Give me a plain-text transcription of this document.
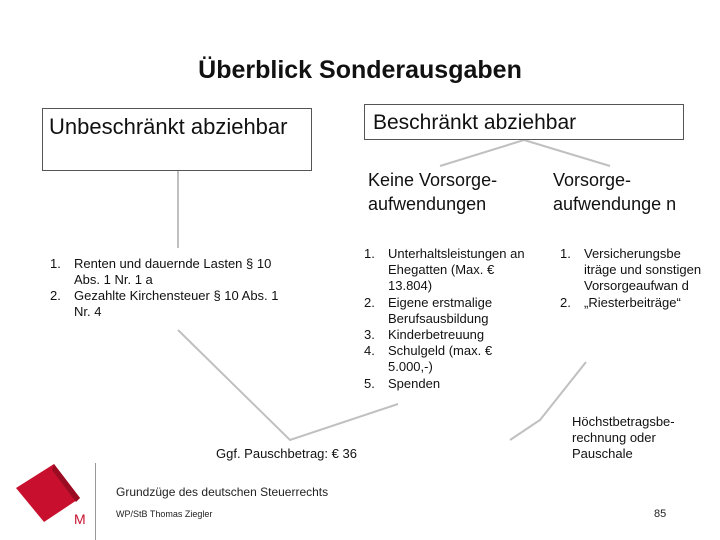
Überblick Sonderausgaben
Unbeschränkt abziehbar	Beschränkt abziehbar
Keine Vorsorge-aufwendungen
Vorsorge-aufwendunge n
1. Renten und dauernde Lasten § 10 Abs. 1 Nr. 1 a
2. Gezahlte Kirchensteuer § 10 Abs. 1 Nr. 4
1. Unterhaltsleistungen an Ehegatten (Max. € 13.804)
2. Eigene erstmalige Berufsausbildung
3. Kinderbetreuung
4. Schulgeld (max. € 5.000,-)
5. Spenden
1. Versicherungsbe iträge und sonstigen Vorsorgeaufwan d
2. „Riesterbeiträge“
Ggf. Pauschbetrag: € 36
Höchstbetragsbe-rechnung oder Pauschale
M
Grundzüge des deutschen Steuerrechts
WP/StB Thomas Ziegler	85
